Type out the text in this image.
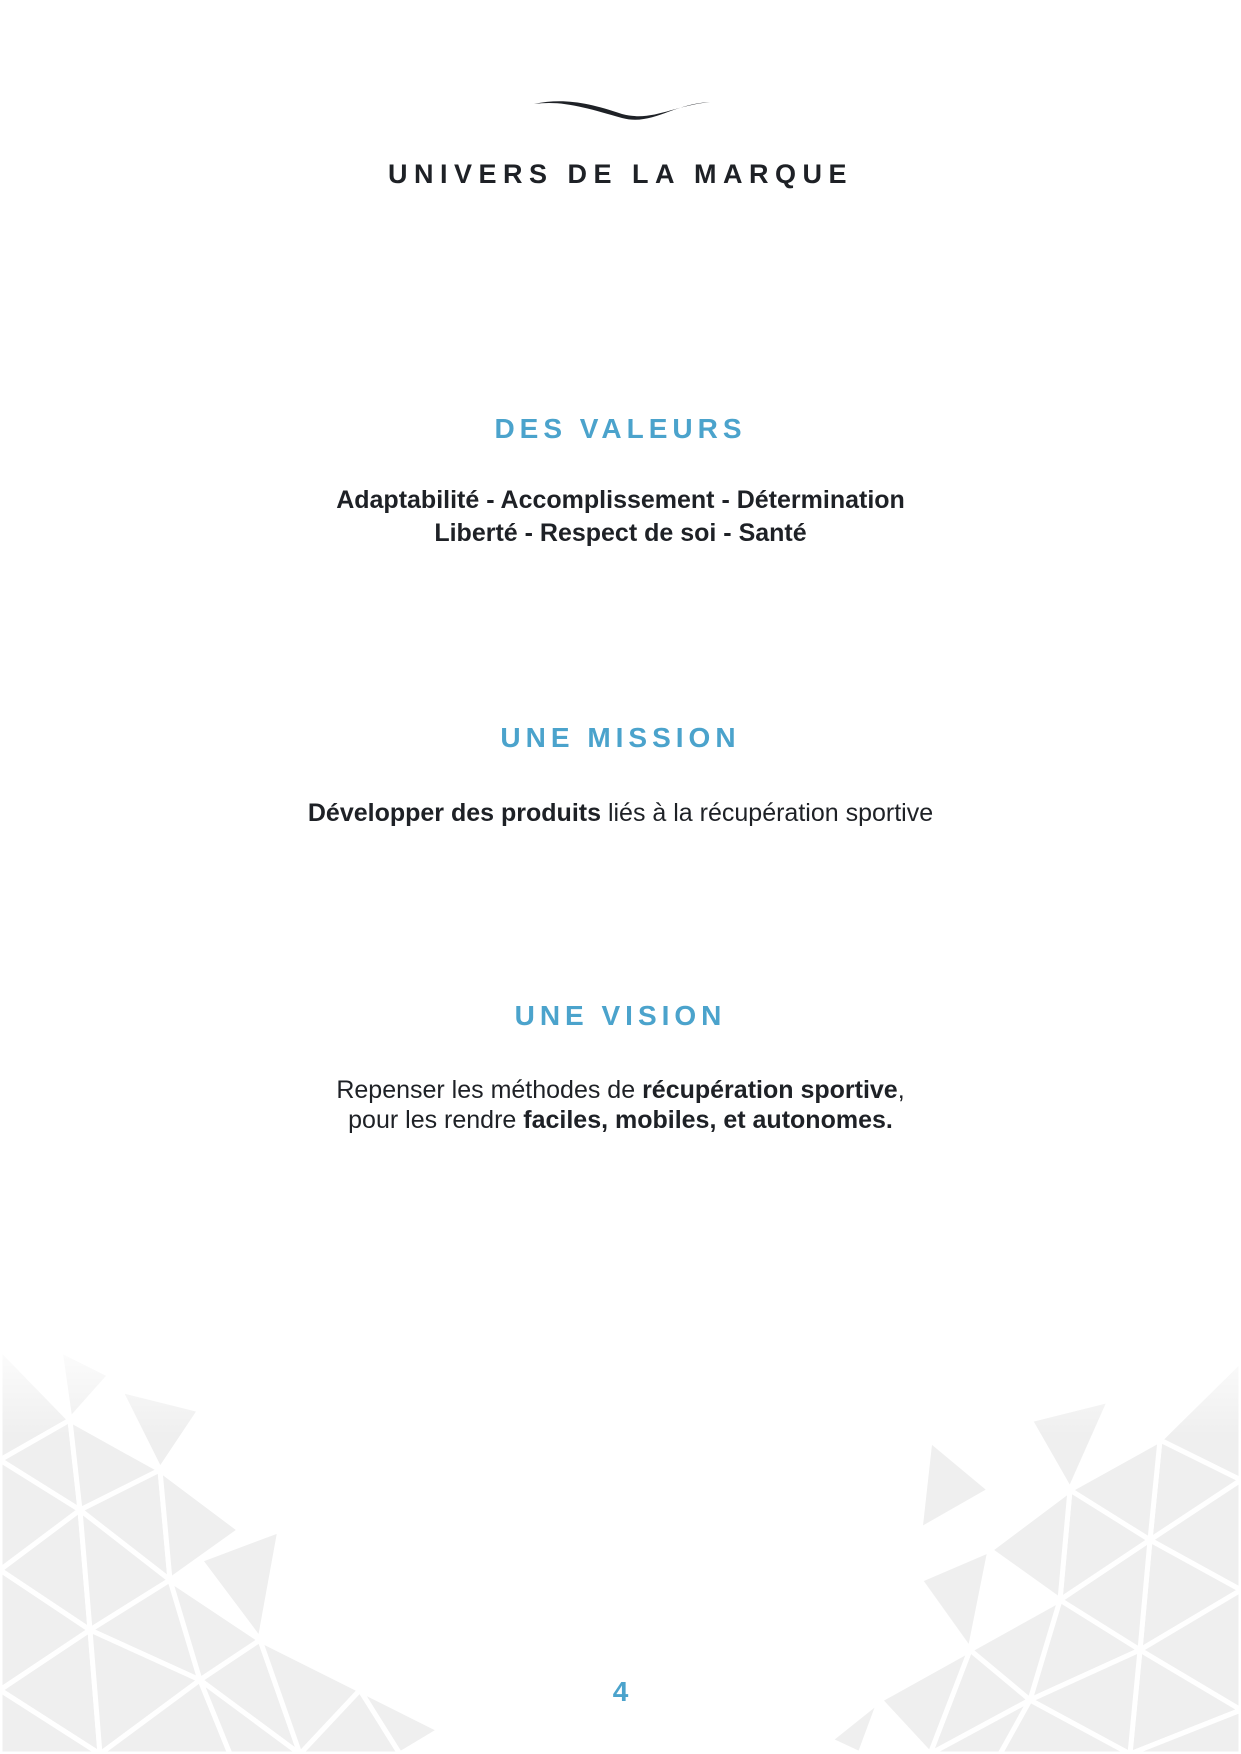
UNIVERS DE LA MARQUE
DES VALEURS
Adaptabilité - Accomplissement - Détermination
Liberté - Respect de soi - Santé
UNE MISSION
Développer des produits liés à la récupération sportive
UNE VISION
Repenser les méthodes de récupération sportive,
pour les rendre faciles, mobiles, et autonomes.
4
